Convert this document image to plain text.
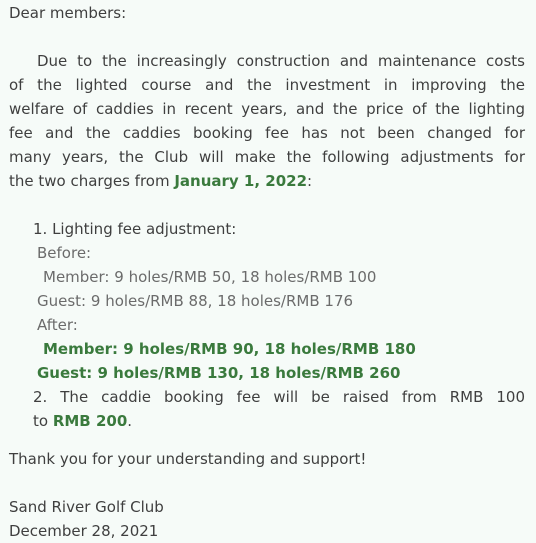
Dear members:
Due to the increasingly construction and maintenance costs
of the lighted course and the investment in improving the
welfare of caddies in recent years, and the price of the lighting
fee and the caddies booking fee has not been changed for
many years, the Club will make the following adjustments for
the two charges from January 1, 2022:
1. Lighting fee adjustment:
Before:
Member: 9 holes/RMB 50, 18 holes/RMB 100
Guest: 9 holes/RMB 88, 18 holes/RMB 176
After:
Member: 9 holes/RMB 90, 18 holes/RMB 180
Guest: 9 holes/RMB 130, 18 holes/RMB 260
2. The caddie booking fee will be raised from RMB 100
to RMB 200.
Thank you for your understanding and support!
Sand River Golf Club
December 28, 2021
